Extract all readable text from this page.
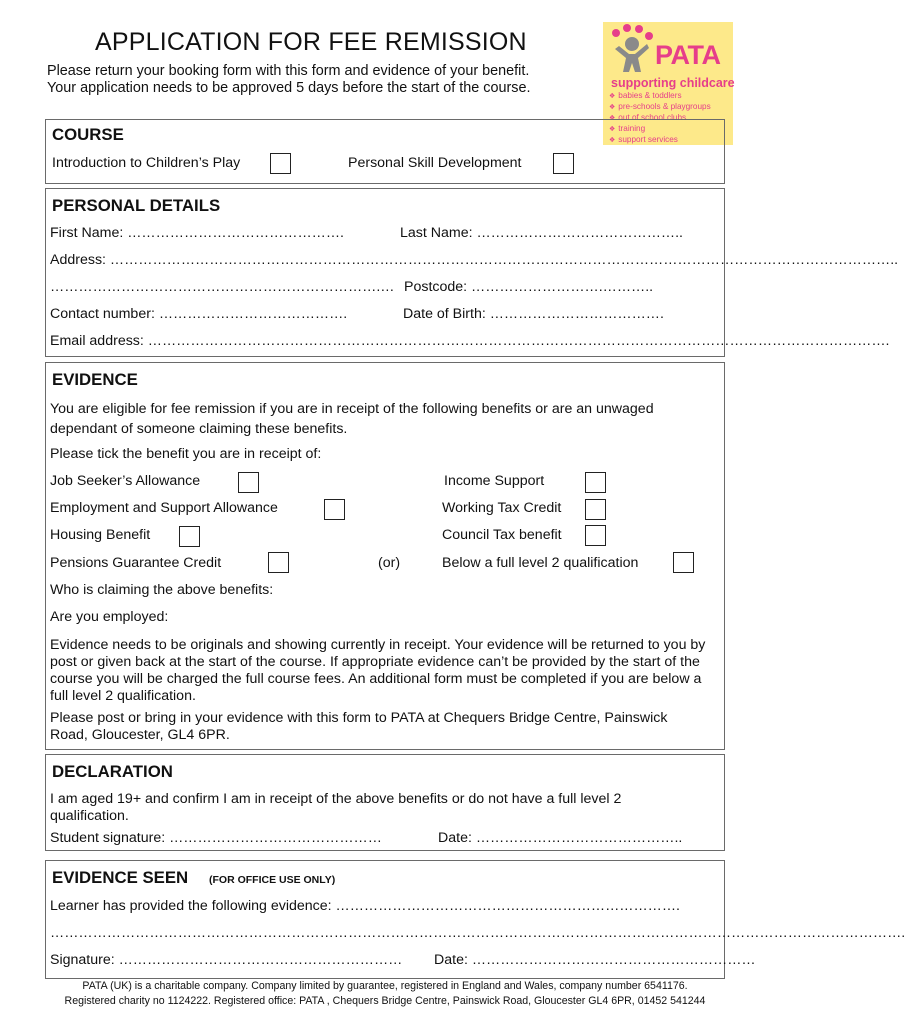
APPLICATION FOR FEE REMISSION
Please return your booking form with this form and evidence of your benefit.
Your application needs to be approved 5 days before the start of the course.
PATA
supporting childcare
❖ babies & toddlers
❖ pre-schools & playgroups
❖ out of school clubs
❖ training
❖ support services
COURSE
Introduction to Children’s Play	Personal Skill Development
PERSONAL DETAILS
First Name: ……………………………………….	Last Name: ……………………………………..
Address: …………………………………………………………………………………………………………………………………………………..
…………………………………………………………….… Postcode: ……………………….………..
Contact number: ………………………………….	Date of Birth: ……………………………….
Email address: ………………………………………………………………………………………………………………………………………….
EVIDENCE
You are eligible for fee remission if you are in receipt of the following benefits or are an unwaged dependant of someone claiming these benefits.
Please tick the benefit you are in receipt of:
Job Seeker’s Allowance	Income Support
Employment and Support Allowance	Working Tax Credit
Housing Benefit	Council Tax benefit
Pensions Guarantee Credit	(or)	Below a full level 2 qualification
Who is claiming the above benefits:
Are you employed:
Evidence needs to be originals and showing currently in receipt. Your evidence will be returned to you by post or given back at the start of the course. If appropriate evidence can’t be provided by the start of the course you will be charged the full course fees. An additional form must be completed if you are below a full level 2 qualification.
Please post or bring in your evidence with this form to PATA at Chequers Bridge Centre, Painswick Road, Gloucester, GL4 6PR.
DECLARATION
I am aged 19+ and confirm I am in receipt of the above benefits or do not have a full level 2 qualification.
Student signature: ………………………………………	Date: ……………………………………..
EVIDENCE SEEN (FOR OFFICE USE ONLY)
Learner has provided the following evidence: ……………………………………………………………….
……………………………………………………………………………………………………………………………………………………………….
Signature: …………………………………………………… Date: ……………………………………………………
PATA (UK) is a charitable company. Company limited by guarantee, registered in England and Wales, company number 6541176.
Registered charity no 1124222. Registered office: PATA , Chequers Bridge Centre, Painswick Road, Gloucester GL4 6PR, 01452 541244
